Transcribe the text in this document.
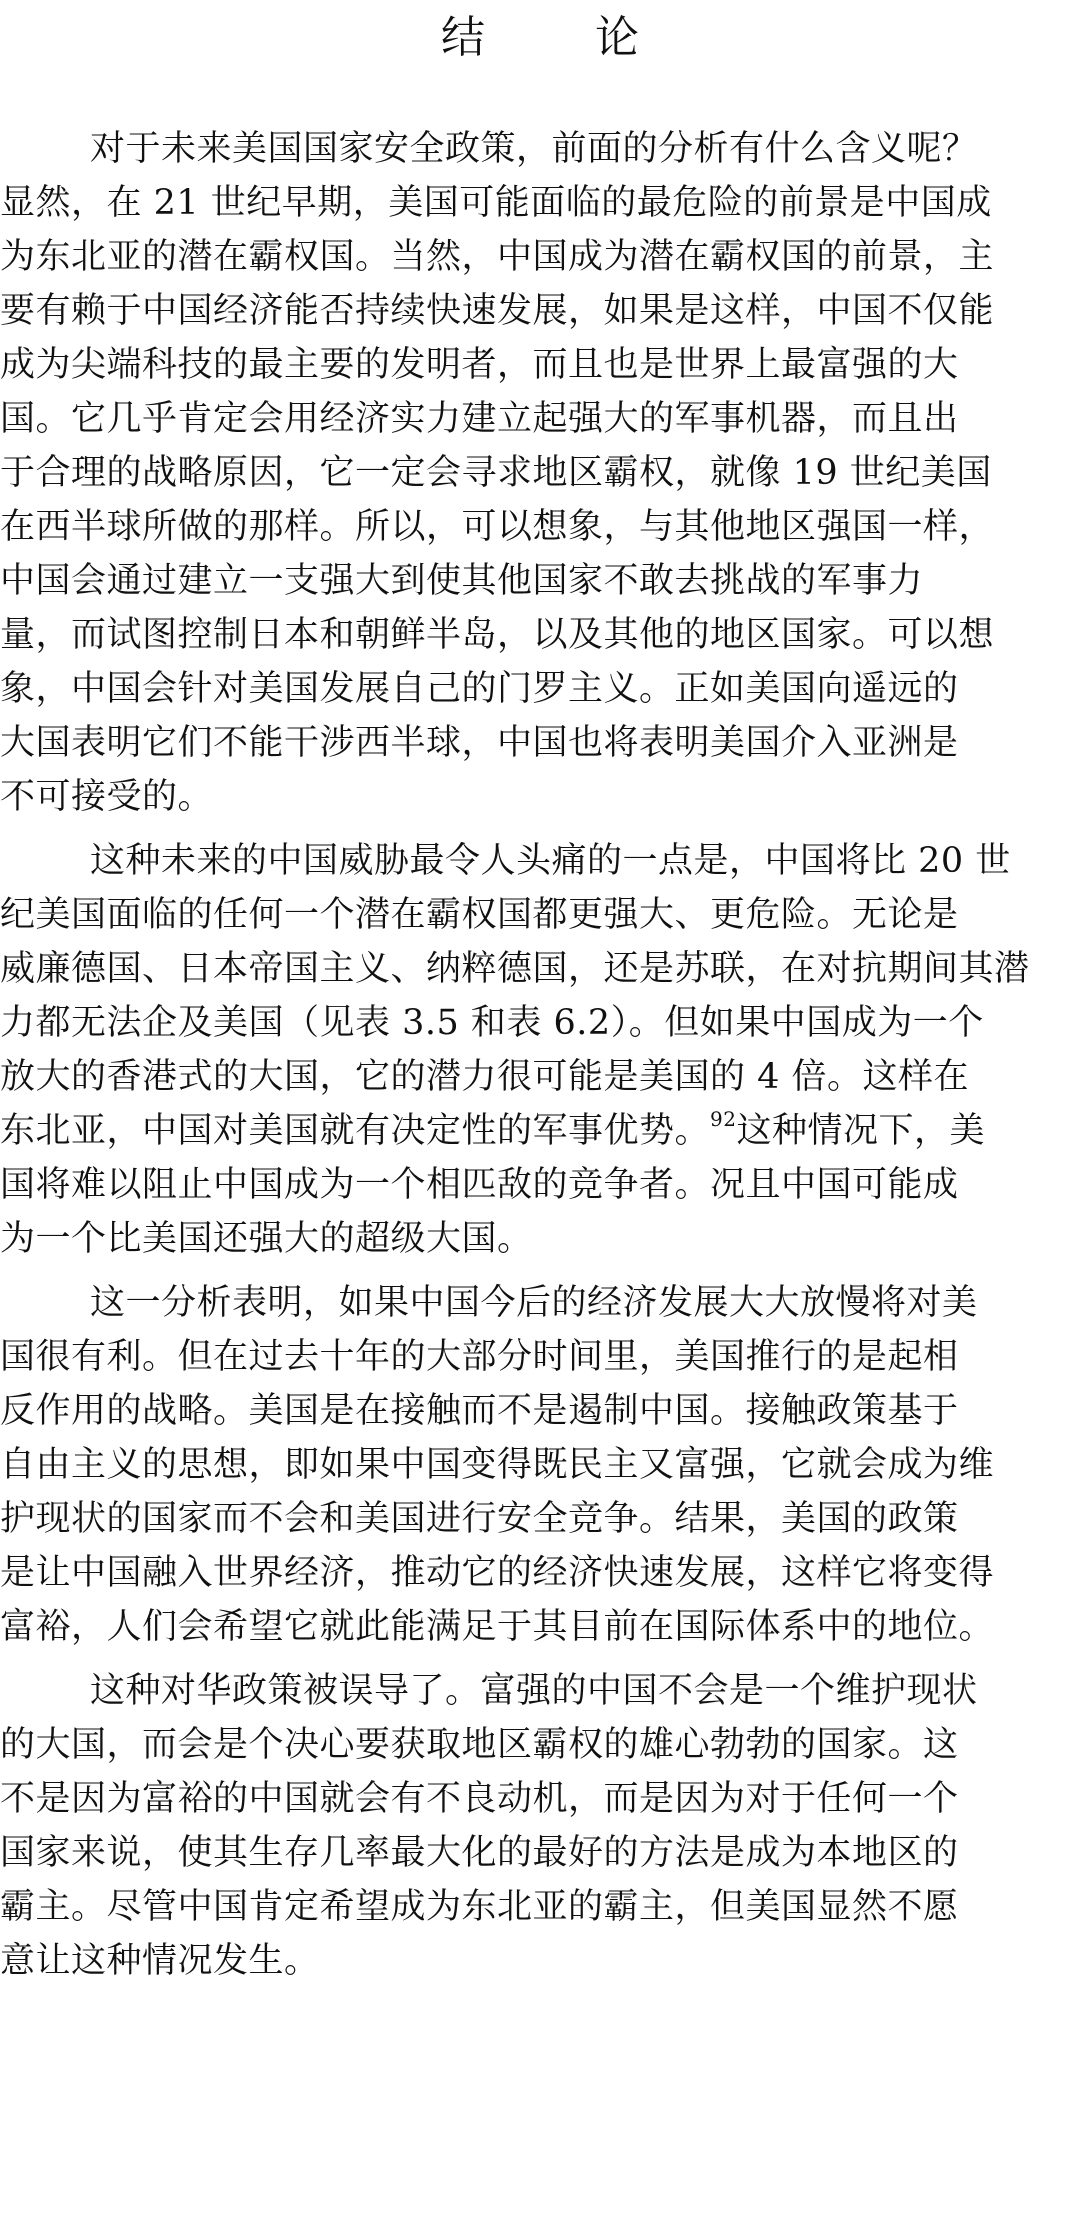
结	论
对于未来美国国家安全政策，前面的分析有什么含义呢？
显然，在 21 世纪早期，美国可能面临的最危险的前景是中国成
为东北亚的潜在霸权国。当然，中国成为潜在霸权国的前景，主
要有赖于中国经济能否持续快速发展，如果是这样，中国不仅能
成为尖端科技的最主要的发明者，而且也是世界上最富强的大
国。它几乎肯定会用经济实力建立起强大的军事机器，而且出
于合理的战略原因，它一定会寻求地区霸权，就像 19 世纪美国
在西半球所做的那样。所以，可以想象，与其他地区强国一样，
中国会通过建立一支强大到使其他国家不敢去挑战的军事力
量，而试图控制日本和朝鲜半岛，以及其他的地区国家。可以想
象，中国会针对美国发展自己的门罗主义。正如美国向遥远的
大国表明它们不能干涉西半球，中国也将表明美国介入亚洲是
不可接受的。
这种未来的中国威胁最令人头痛的一点是，中国将比 20 世
纪美国面临的任何一个潜在霸权国都更强大、更危险。无论是
威廉德国、日本帝国主义、纳粹德国，还是苏联，在对抗期间其潜
力都无法企及美国（见表 3.5 和表 6.2）。但如果中国成为一个
放大的香港式的大国，它的潜力很可能是美国的 4 倍。这样在
东北亚，中国对美国就有决定性的军事优势。$^{92}$这种情况下，美
国将难以阻止中国成为一个相匹敌的竞争者。况且中国可能成
为一个比美国还强大的超级大国。
这一分析表明，如果中国今后的经济发展大大放慢将对美
国很有利。但在过去十年的大部分时间里，美国推行的是起相
反作用的战略。美国是在接触而不是遏制中国。接触政策基于
自由主义的思想，即如果中国变得既民主又富强，它就会成为维
护现状的国家而不会和美国进行安全竞争。结果，美国的政策
是让中国融入世界经济，推动它的经济快速发展，这样它将变得
富裕，人们会希望它就此能满足于其目前在国际体系中的地位。
这种对华政策被误导了。富强的中国不会是一个维护现状
的大国，而会是个决心要获取地区霸权的雄心勃勃的国家。这
不是因为富裕的中国就会有不良动机，而是因为对于任何一个
国家来说，使其生存几率最大化的最好的方法是成为本地区的
霸主。尽管中国肯定希望成为东北亚的霸主，但美国显然不愿
意让这种情况发生。
